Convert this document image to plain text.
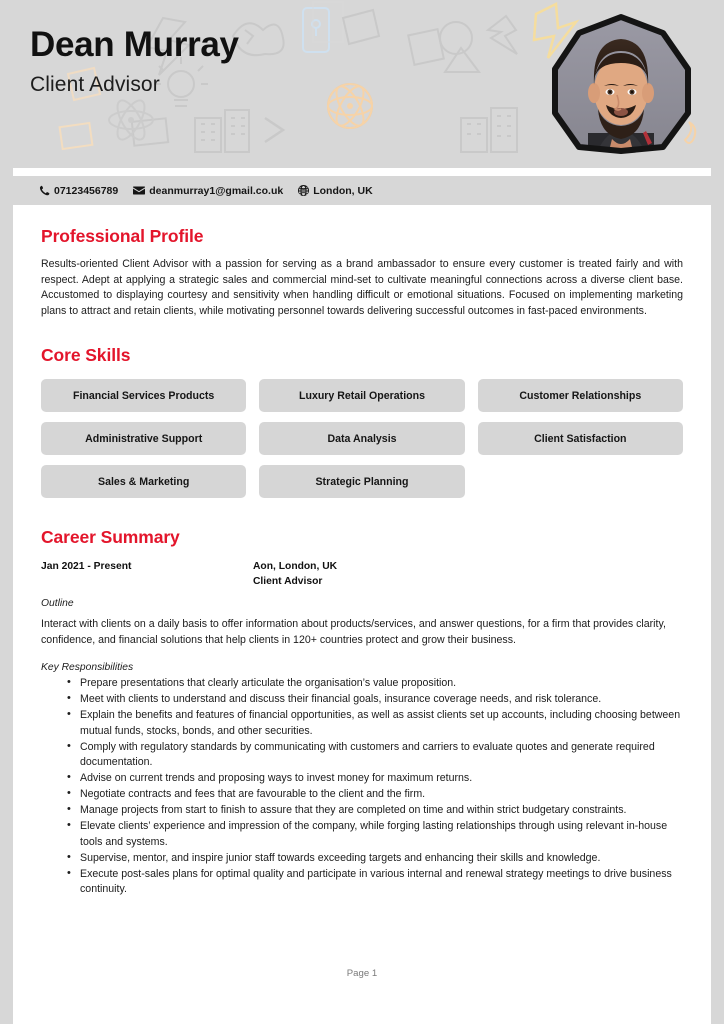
Dean Murray
Client Advisor
07123456789	deanmurray1@gmail.co.uk	London, UK
Professional Profile

Results-oriented Client Advisor with a passion for serving as a brand ambassador to ensure every customer is treated fairly and with respect. Adept at applying a strategic sales and commercial mind-set to cultivate meaningful connections across a diverse client base. Accustomed to displaying courtesy and sensitivity when handling difficult or emotional situations. Focused on implementing marketing plans to attract and retain clients, while motivating personnel towards delivering successful outcomes in fast-paced environments.

Core Skills
Financial Services Products	Luxury Retail Operations	Customer Relationships
Administrative Support	Data Analysis	Client Satisfaction
Sales & Marketing	Strategic Planning
Career Summary
Jan 2021 - Present	Aon, London, UK
Client Advisor
Outline

Interact with clients on a daily basis to offer information about products/services, and answer questions, for a firm that provides clarity, confidence, and financial solutions that help clients in 120+ countries protect and grow their business.

Key Responsibilities
• Prepare presentations that clearly articulate the organisation’s value proposition.
• Meet with clients to understand and discuss their financial goals, insurance coverage needs, and risk tolerance.
• Explain the benefits and features of financial opportunities, as well as assist clients set up accounts, including choosing between mutual funds, stocks, bonds, and other securities.
• Comply with regulatory standards by communicating with customers and carriers to evaluate quotes and generate required documentation.
• Advise on current trends and proposing ways to invest money for maximum returns.
• Negotiate contracts and fees that are favourable to the client and the firm.
• Manage projects from start to finish to assure that they are completed on time and within strict budgetary constraints.
• Elevate clients’ experience and impression of the company, while forging lasting relationships through using relevant in-house tools and systems.
• Supervise, mentor, and inspire junior staff towards exceeding targets and enhancing their skills and knowledge.
• Execute post-sales plans for optimal quality and participate in various internal and renewal strategy meetings to drive business continuity.
Page 1
